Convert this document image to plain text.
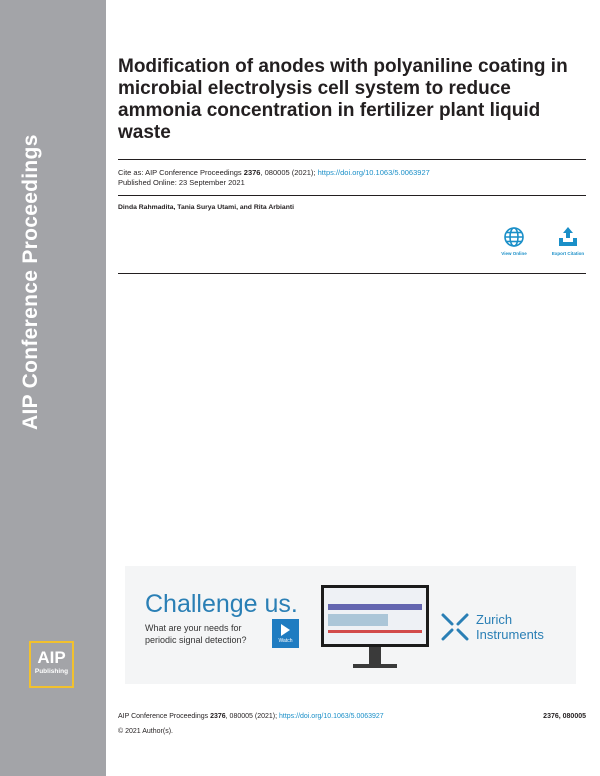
AIP Conference Proceedings
AIP
Publishing
Modification of anodes with polyaniline coating in microbial electrolysis cell system to reduce ammonia concentration in fertilizer plant liquid waste
Cite as: AIP Conference Proceedings 2376, 080005 (2021); https://doi.org/10.1063/5.0063927
Published Online: 23 September 2021
Dinda Rahmadita, Tania Surya Utami, and Rita Arbianti
View Online	Export Citation
Challenge us.
What are your needs for periodic signal detection?	Watch
Zurich
Instruments
AIP Conference Proceedings 2376, 080005 (2021); https://doi.org/10.1063/5.0063927	2376, 080005
© 2021 Author(s).
